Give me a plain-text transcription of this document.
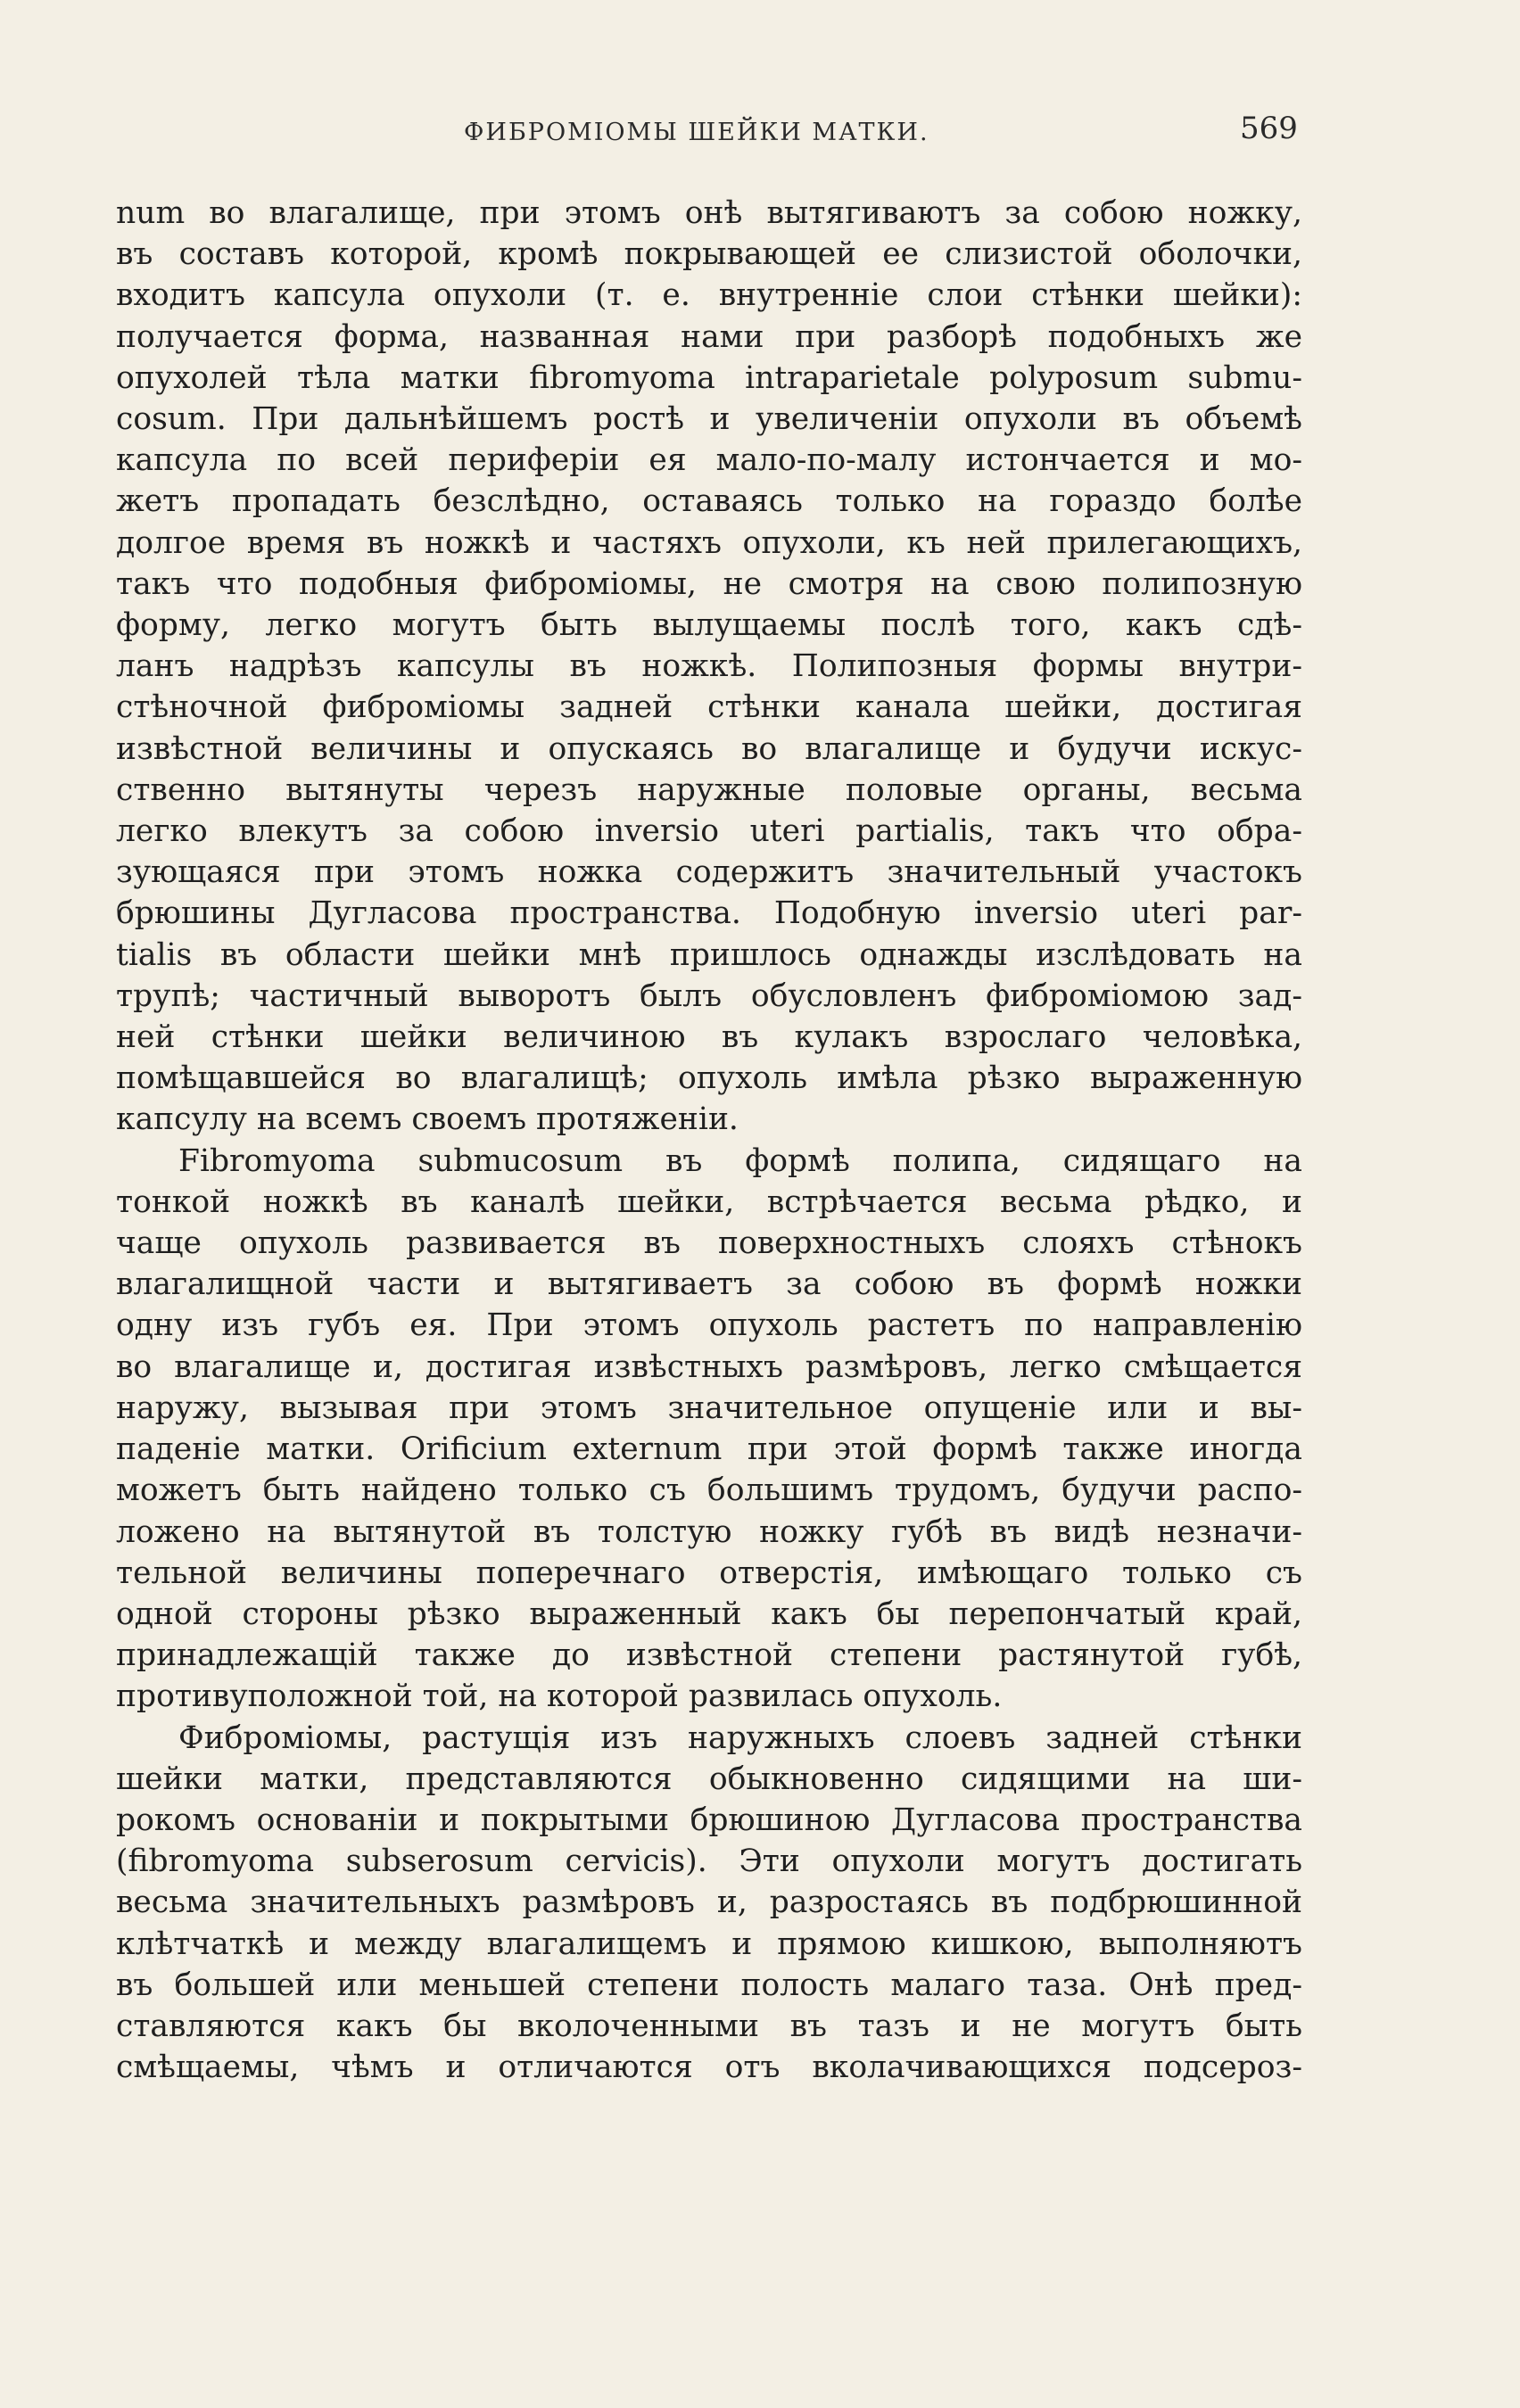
ФИБРОМІОМЫ ШЕЙКИ МАТКИ.	569
num во влагалище, при этомъ онѣ вытягиваютъ за собою ножку,
въ составъ которой, кромѣ покрывающей ее слизистой оболочки,
входитъ капсула опухоли (т. е. внутренніе слои стѣнки шейки):
получается форма, названная нами при разборѣ подобныхъ же
опухолей тѣла матки fibromyoma intraparietale polyposum submu-
cosum. При дальнѣйшемъ ростѣ и увеличеніи опухоли въ объемѣ
капсула по всей периферіи ея мало-по-малу истончается и мо-
жетъ пропадать безслѣдно, оставаясь только на гораздо болѣе
долгое время въ ножкѣ и частяхъ опухоли, къ ней прилегающихъ,
такъ что подобныя фиброміомы, не смотря на свою полипозную
форму, легко могутъ быть вылущаемы послѣ того, какъ сдѣ-
ланъ надрѣзъ капсулы въ ножкѣ. Полипозныя формы внутри-
стѣночной фиброміомы задней стѣнки канала шейки, достигая
извѣстной величины и опускаясь во влагалище и будучи искус-
ственно вытянуты черезъ наружные половые органы, весьма
легко влекутъ за собою inversio uteri partialis, такъ что обра-
зующаяся при этомъ ножка содержитъ значительный участокъ
брюшины Дугласова пространства. Подобную inversio uteri par-
tialis въ области шейки мнѣ пришлось однажды изслѣдовать на
трупѣ; частичный выворотъ былъ обусловленъ фиброміомою зад-
ней стѣнки шейки величиною въ кулакъ взрослаго человѣка,
помѣщавшейся во влагалищѣ; опухоль имѣла рѣзко выраженную
капсулу на всемъ своемъ протяженіи.
Fibromyoma submucosum въ формѣ полипа, сидящаго на
тонкой ножкѣ въ каналѣ шейки, встрѣчается весьма рѣдко, и
чаще опухоль развивается въ поверхностныхъ слояхъ стѣнокъ
влагалищной части и вытягиваетъ за собою въ формѣ ножки
одну изъ губъ ея. При этомъ опухоль растетъ по направленію
во влагалище и, достигая извѣстныхъ размѣровъ, легко смѣщается
наружу, вызывая при этомъ значительное опущеніе или и вы-
паденіе матки. Orificium externum при этой формѣ также иногда
можетъ быть найдено только съ большимъ трудомъ, будучи распо-
ложено на вытянутой въ толстую ножку губѣ въ видѣ незначи-
тельной величины поперечнаго отверстія, имѣющаго только съ
одной стороны рѣзко выраженный какъ бы перепончатый край,
принадлежащій также до извѣстной степени растянутой губѣ,
противуположной той, на которой развилась опухоль.
Фиброміомы, растущія изъ наружныхъ слоевъ задней стѣнки
шейки матки, представляются обыкновенно сидящими на ши-
рокомъ основаніи и покрытыми брюшиною Дугласова пространства
(fibromyoma subserosum cervicis). Эти опухоли могутъ достигать
весьма значительныхъ размѣровъ и, разростаясь въ подбрюшинной
клѣтчаткѣ и между влагалищемъ и прямою кишкою, выполняютъ
въ большей или меньшей степени полость малаго таза. Онѣ пред-
ставляются какъ бы вколоченными въ тазъ и не могутъ быть
смѣщаемы, чѣмъ и отличаются отъ вколачивающихся подсероз-
